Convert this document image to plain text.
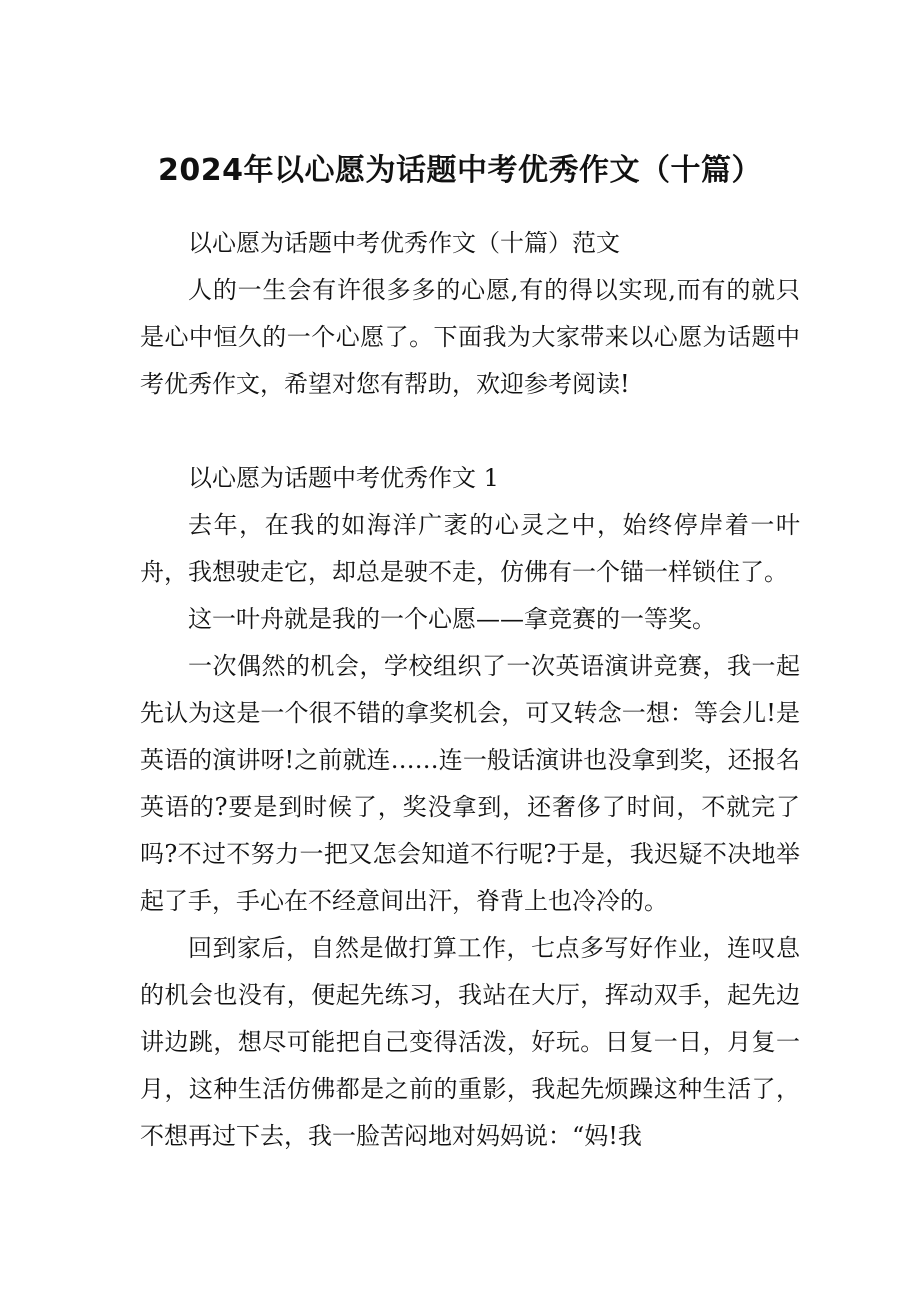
2024年以心愿为话题中考优秀作文（十篇）

以心愿为话题中考优秀作文（十篇）范文

人的一生会有许很多多的心愿,有的得以实现,而有的就只是心中恒久的一个心愿了。下面我为大家带来以心愿为话题中考优秀作文，希望对您有帮助，欢迎参考阅读!

以心愿为话题中考优秀作文 1

去年，在我的如海洋广袤的心灵之中，始终停岸着一叶舟，我想驶走它，却总是驶不走，仿佛有一个锚一样锁住了。

这一叶舟就是我的一个心愿——拿竞赛的一等奖。

一次偶然的机会，学校组织了一次英语演讲竞赛，我一起先认为这是一个很不错的拿奖机会，可又转念一想：等会儿!是英语的演讲呀!之前就连……连一般话演讲也没拿到奖，还报名英语的?要是到时候了，奖没拿到，还奢侈了时间，不就完了吗?不过不努力一把又怎会知道不行呢?于是，我迟疑不决地举起了手，手心在不经意间出汗，脊背上也冷冷的。

回到家后，自然是做打算工作，七点多写好作业，连叹息的机会也没有，便起先练习，我站在大厅，挥动双手，起先边讲边跳，想尽可能把自己变得活泼，好玩。日复一日，月复一月，这种生活仿佛都是之前的重影，我起先烦躁这种生活了，不想再过下去，我一脸苦闷地对妈妈说：“妈!我
